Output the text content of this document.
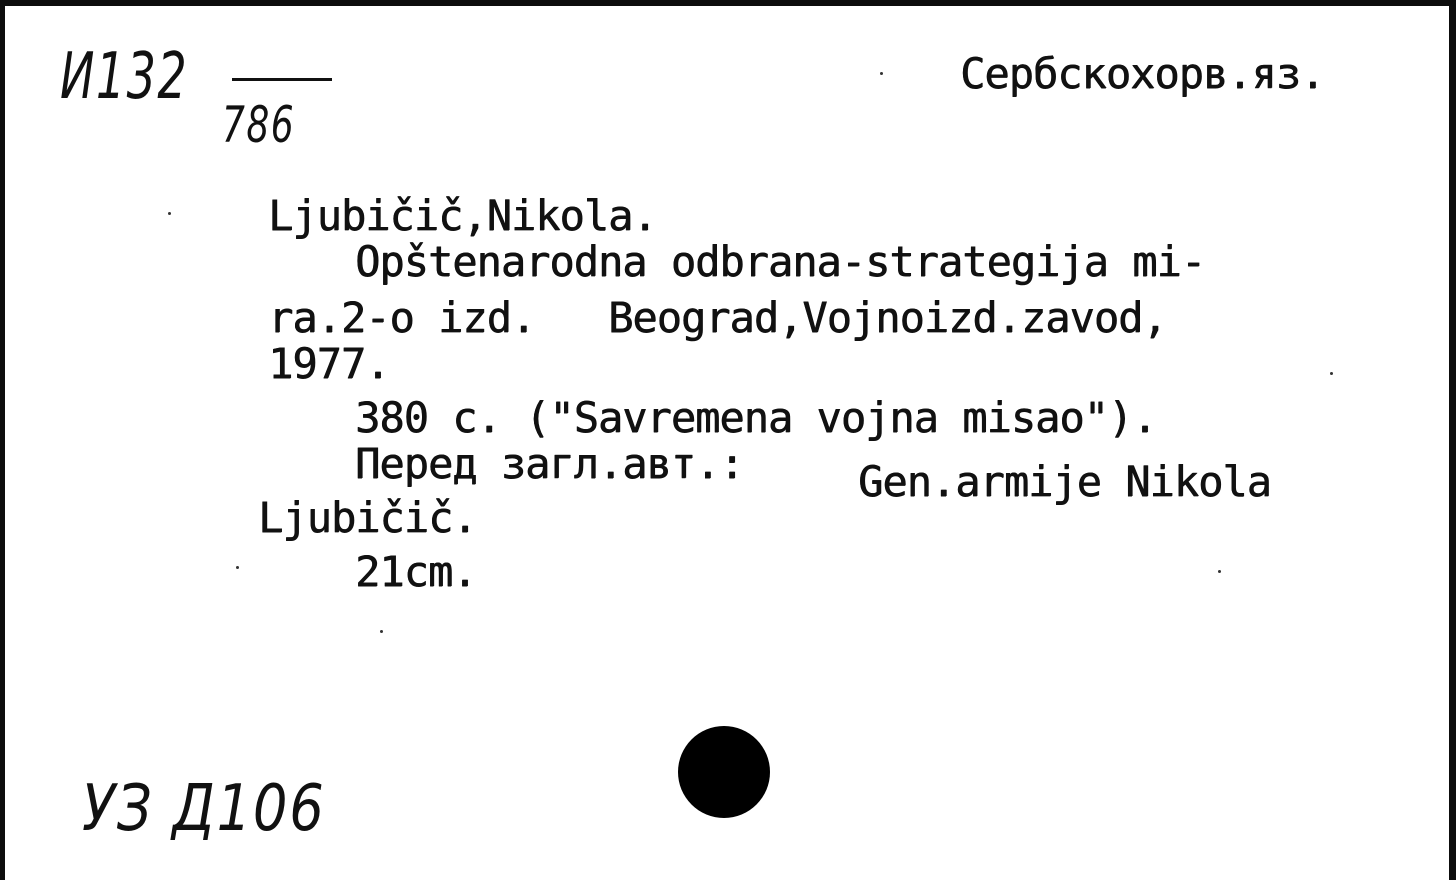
И132
786
Сербскохорв.яз.
Ljubičič,Nikola.
Opštenarodna odbrana-strategija mi-
ra.2-o izd.   Beograd,Vojnoizd.zavod,
1977.
380 c. ("Savremena vojna misao").
Перед загл.авт.:	Gen.armije Nikola
Ljubičič.
21cm.
УЗ Д106
